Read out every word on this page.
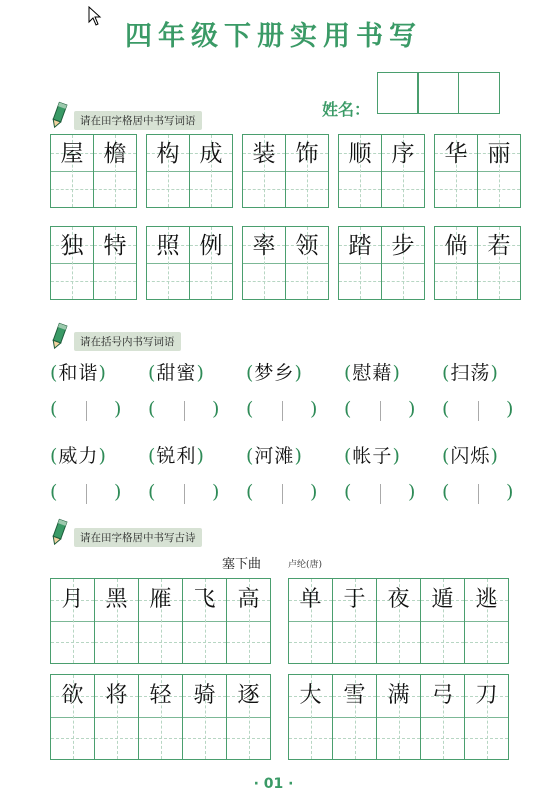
四年级下册实用书写
姓名：
请在田字格居中书写词语
屋 檐	构 成	装 饰	顺 序	华 丽
独 特	照 例	率 领	踏 步	倘 若
请在括号内书写词语
(和谐)	(甜蜜)	(梦乡)	(慰藉)	(扫荡)
(	) (	) (	) (	) (	)
(威力)	(锐利)	(河滩)	(帐子)	(闪烁)
(	) (	) (	) (	) (	)
请在田字格居中书写古诗
塞下曲	卢纶(唐)
月 黑 雁 飞 高	单 于 夜 遁 逃
欲 将 轻 骑 逐	大 雪 满 弓 刀
· 01 ·
